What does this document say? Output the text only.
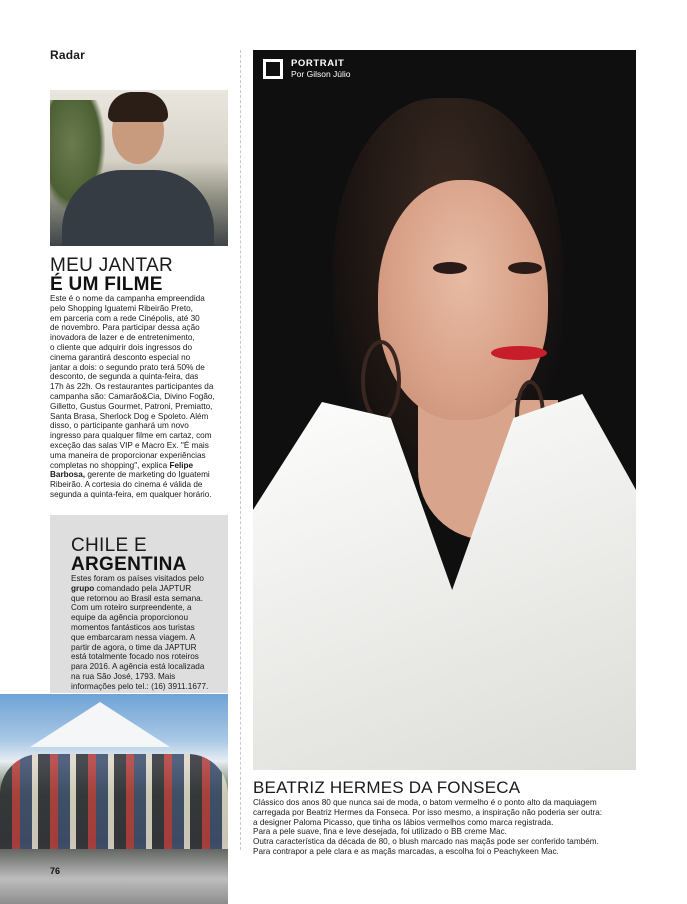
Radar
MEU JANTAR
É UM FILME
Este é o nome da campanha empreendida
pelo Shopping Iguatemi Ribeirão Preto,
em parceria com a rede Cinépolis, até 30
de novembro. Para participar dessa ação
inovadora de lazer e de entretenimento,
o cliente que adquirir dois ingressos do
cinema garantirá desconto especial no
jantar a dois: o segundo prato terá 50% de
desconto, de segunda a quinta-feira, das
17h às 22h. Os restaurantes participantes da
campanha são: Camarão&Cia, Divino Fogão,
Gilletto, Gustus Gourmet, Patroni, Premiatto,
Santa Brasa, Sherlock Dog e Spoleto. Além
disso, o participante ganhará um novo
ingresso para qualquer filme em cartaz, com
exceção das salas VIP e Macro Ex. "É mais
uma maneira de proporcionar experiências
completas no shopping", explica Felipe
Barbosa, gerente de marketing do Iguatemi
Ribeirão. A cortesia do cinema é válida de
segunda a quinta-feira, em qualquer horário.
CHILE E
ARGENTINA
Estes foram os países visitados pelo
grupo comandado pela JAPTUR
que retornou ao Brasil esta semana.
Com um roteiro surpreendente, a
equipe da agência proporcionou
momentos fantásticos aos turistas
que embarcaram nessa viagem. A
partir de agora, o time da JAPTUR
está totalmente focado nos roteiros
para 2016. A agência está localizada
na rua São José, 1793. Mais
informações pelo tel.: (16) 3911.1677.
PORTRAIT
Por Gilson Júlio
BEATRIZ HERMES DA FONSECA
Clássico dos anos 80 que nunca sai de moda, o batom vermelho é o ponto alto da maquiagem
carregada por Beatriz Hermes da Fonseca. Por isso mesmo, a inspiração não poderia ser outra:
a designer Paloma Picasso, que tinha os lábios vermelhos como marca registrada.
Para a pele suave, fina e leve desejada, foi utilizado o BB creme Mac.
Outra característica da década de 80, o blush marcado nas maçãs pode ser conferido também.
Para contrapor a pele clara e as maçãs marcadas, a escolha foi o Peachykeen Mac.
76
